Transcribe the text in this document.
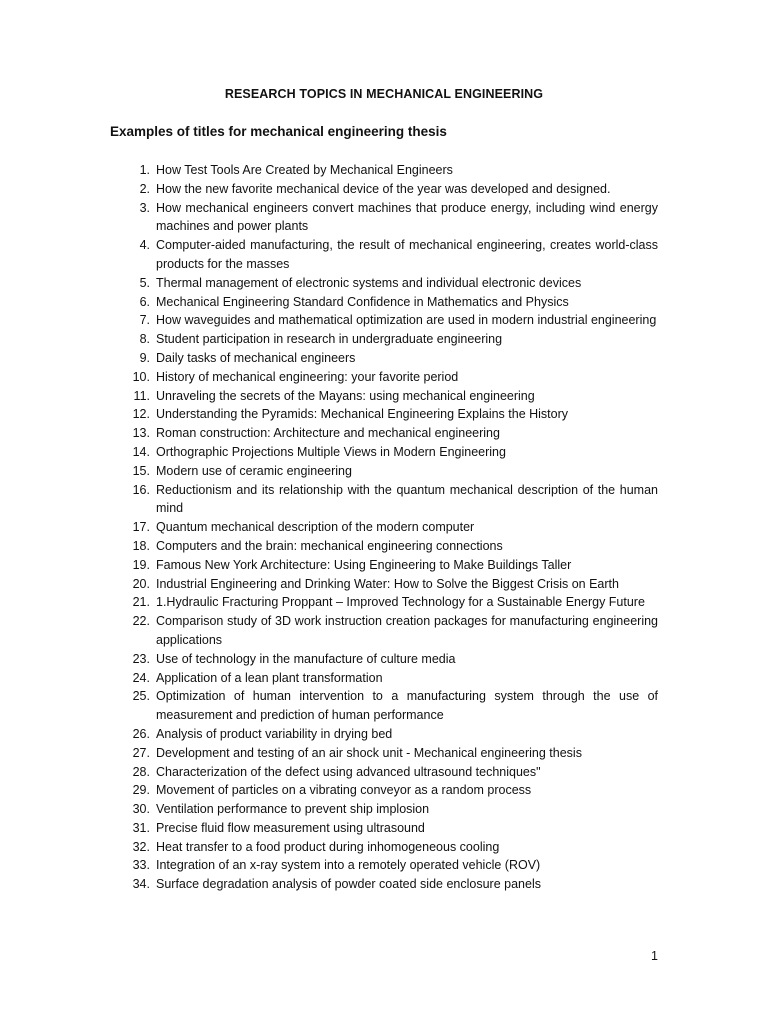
RESEARCH TOPICS IN MECHANICAL ENGINEERING
Examples of titles for mechanical engineering thesis
1. How Test Tools Are Created by Mechanical Engineers
2. How the new favorite mechanical device of the year was developed and designed.
3. How mechanical engineers convert machines that produce energy, including wind energy machines and power plants
4. Computer-aided manufacturing, the result of mechanical engineering, creates world-class products for the masses
5. Thermal management of electronic systems and individual electronic devices
6. Mechanical Engineering Standard Confidence in Mathematics and Physics
7. How waveguides and mathematical optimization are used in modern industrial engineering
8. Student participation in research in undergraduate engineering
9. Daily tasks of mechanical engineers
10. History of mechanical engineering: your favorite period
11. Unraveling the secrets of the Mayans: using mechanical engineering
12. Understanding the Pyramids: Mechanical Engineering Explains the History
13. Roman construction: Architecture and mechanical engineering
14. Orthographic Projections Multiple Views in Modern Engineering
15. Modern use of ceramic engineering
16. Reductionism and its relationship with the quantum mechanical description of the human mind
17. Quantum mechanical description of the modern computer
18. Computers and the brain: mechanical engineering connections
19. Famous New York Architecture: Using Engineering to Make Buildings Taller
20. Industrial Engineering and Drinking Water: How to Solve the Biggest Crisis on Earth
21. 1.Hydraulic Fracturing Proppant – Improved Technology for a Sustainable Energy Future
22. Comparison study of 3D work instruction creation packages for manufacturing engineering applications
23. Use of technology in the manufacture of culture media
24. Application of a lean plant transformation
25. Optimization of human intervention to a manufacturing system through the use of measurement and prediction of human performance
26. Analysis of product variability in drying bed
27. Development and testing of an air shock unit - Mechanical engineering thesis
28. Characterization of the defect using advanced ultrasound techniques"
29. Movement of particles on a vibrating conveyor as a random process
30. Ventilation performance to prevent ship implosion
31. Precise fluid flow measurement using ultrasound
32. Heat transfer to a food product during inhomogeneous cooling
33. Integration of an x-ray system into a remotely operated vehicle (ROV)
34. Surface degradation analysis of powder coated side enclosure panels
1
